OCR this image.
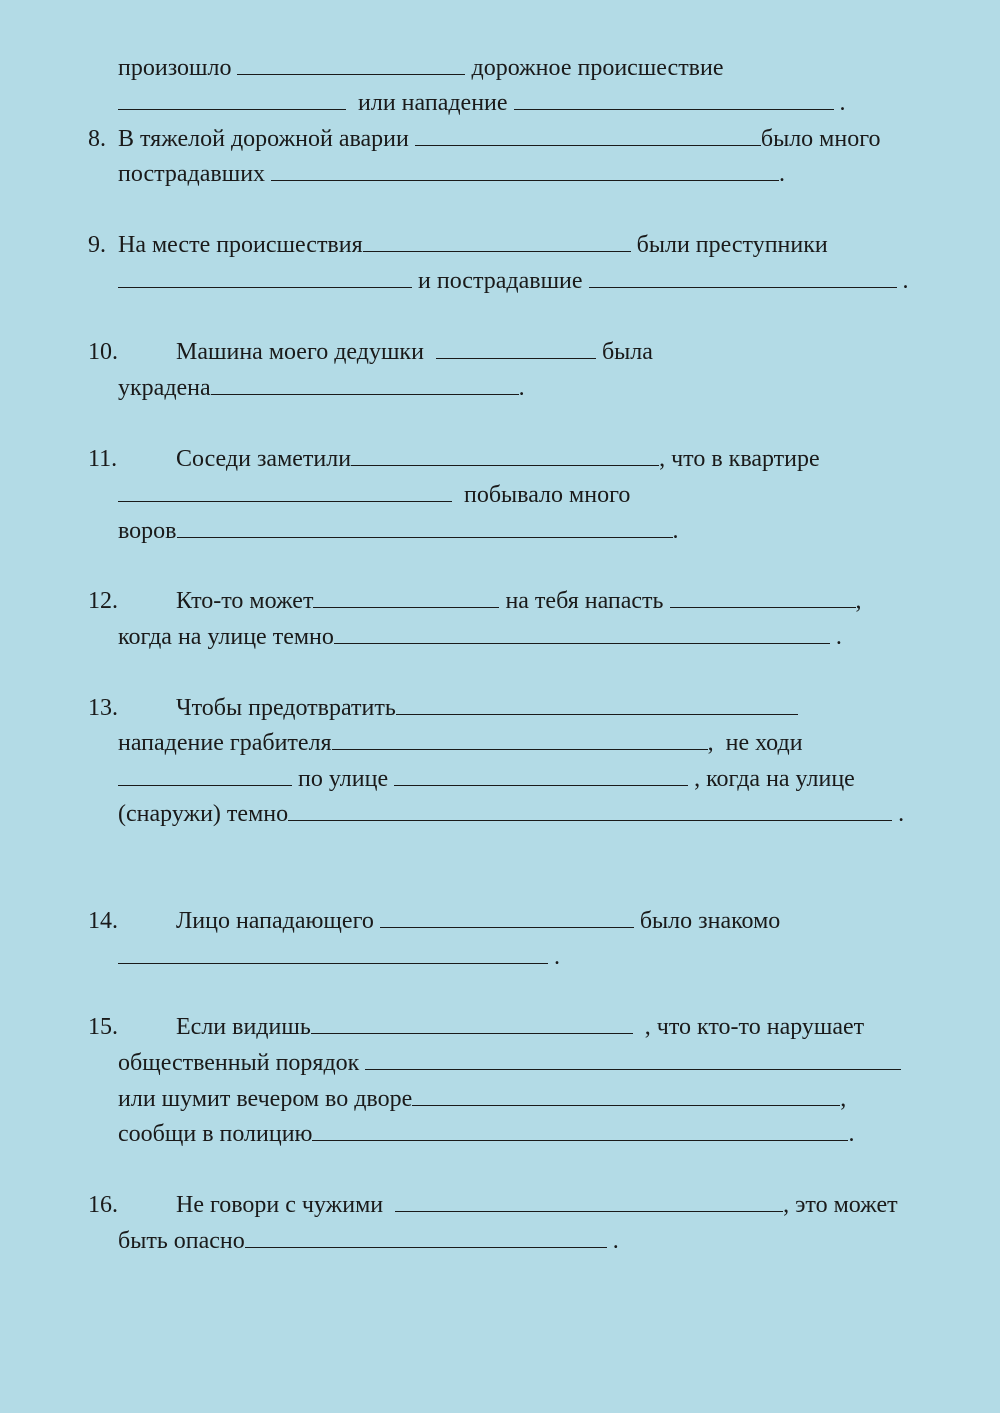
произошло	дорожное происшествие
или нападение	.
8. В тяжелой дорожной аварии	было много
пострадавших	.
9. На месте происшествия	были преступники
и пострадавшие	.
10. Машина моего дедушки	была
украдена	.
11. Соседи заметили	, что в квартире
побывало много
воров	.
12. Кто-то может	на тебя напасть	,
когда на улице темно	.
13. Чтобы предотвратить
нападение грабителя	,  не ходи
по улице	, когда на улице
(снаружи) темно	.
14. Лицо нападающего	было знакомо
.
15. Если видишь	, что кто-то нарушает
общественный порядок
или шумит вечером во дворе	,
сообщи в полицию	.
16. Не говори с чужими	, это может
быть опасно	.
